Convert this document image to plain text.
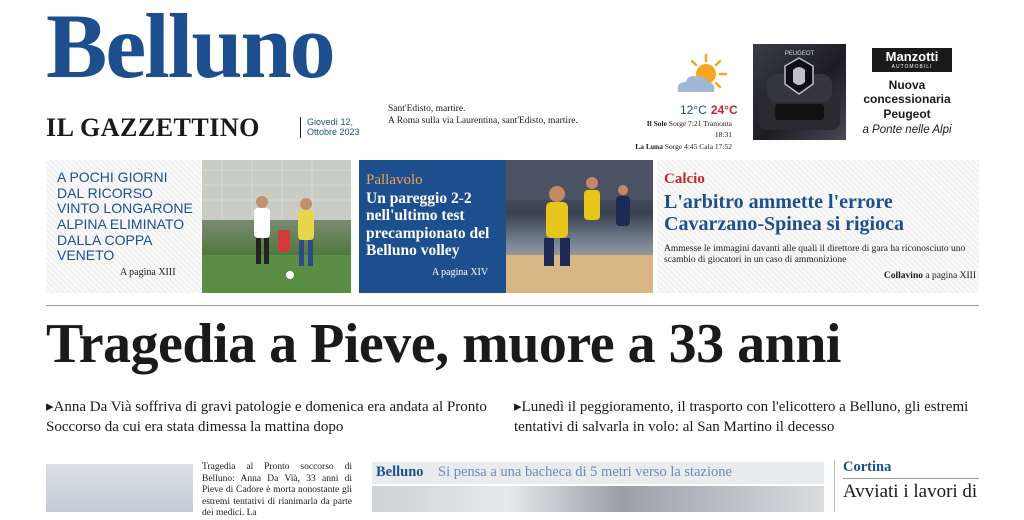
Belluno
IL GAZZETTINO	Giovedì 12,
Ottobre 2023
Sant'Edisto, martire.
A Roma sulla via Laurentina, sant'Edisto, martire.
12°C 24°C
Il Sole Sorge 7:21 Tramonta 18:31
La Luna Sorge 4:45 Cala 17:52
PEUGEOT	Manzotti
AUTOMOBILI
Nuova
concessionaria
Peugeot
a Ponte nelle Alpi
A POCHI GIORNI DAL RICORSO VINTO LONGARONE ALPINA ELIMINATO DALLA COPPA VENETO
A pagina XIII
Pallavolo
Un pareggio 2-2 nell'ultimo test precampionato del Belluno volley
A pagina XIV
Calcio
L'arbitro ammette l'errore Cavarzano-Spinea si rigioca
Ammesse le immagini davanti alle quali il direttore di gara ha riconosciuto uno scambio di giocatori in un caso di ammonizione
Collavino a pagina XIII
Tragedia a Pieve, muore a 33 anni
▸Anna Da Vià soffriva di gravi patologie e domenica era andata al Pronto Soccorso da cui era stata dimessa la mattina dopo
▸Lunedì il peggioramento, il trasporto con l'elicottero a Belluno, gli estremi tentativi di salvarla in volo: al San Martino il decesso
Tragedia al Pronto soccorso di Belluno: Anna Da Vià, 33 anni di Pieve di Cadore è morta nonostante gli estremi tentativi di rianimarla da parte dei medici. La
Belluno Si pensa a una bacheca di 5 metri verso la stazione	Cortina
Avviati i lavori di
